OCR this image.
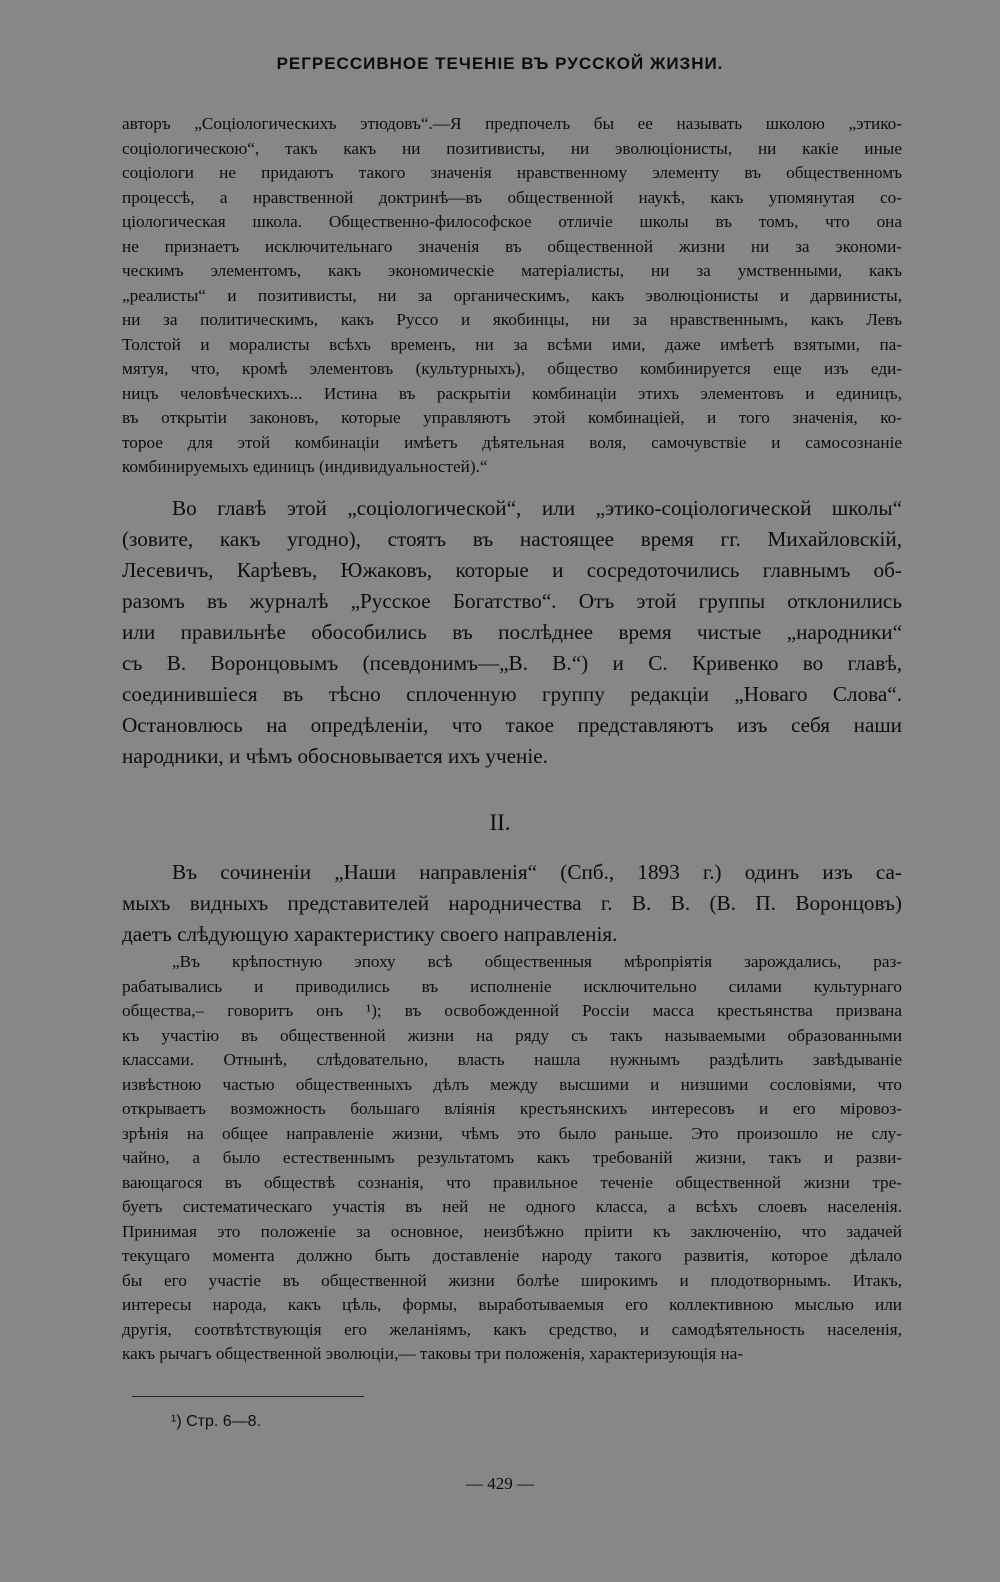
РЕГРЕССИВНОЕ ТЕЧЕНІЕ ВЪ РУССКОЙ ЖИЗНИ.
авторъ „Соціологическихъ этюдовъ“.—Я предпочелъ бы ее называть школою „этико-
соціологическою“, такъ какъ ни позитивисты, ни эволюціонисты, ни какіе иные
соціологи не придаютъ такого значенія нравственному элементу въ общественномъ
процессѣ, а нравственной доктринѣ—въ общественной наукѣ, какъ упомянутая со-
ціологическая школа. Общественно-философское отличіе школы въ томъ, что она
не признаетъ исключительнаго значенія въ общественной жизни ни за экономи-
ческимъ элементомъ, какъ экономическіе матеріалисты, ни за умственными, какъ
„реалисты“ и позитивисты, ни за органическимъ, какъ эволюціонисты и дарвинисты,
ни за политическимъ, какъ Руссо и якобинцы, ни за нравственнымъ, какъ Левъ
Толстой и моралисты всѣхъ временъ, ни за всѣми ими, даже имѣетѣ взятыми, па-
мятуя, что, кромѣ элементовъ (культурныхъ), общество комбинируется еще изъ еди-
ницъ человѣческихъ... Истина въ раскрытіи комбинаціи этихъ элементовъ и единицъ,
въ открытіи законовъ, которые управляютъ этой комбинаціей, и того значенія, ко-
торое для этой комбинаціи имѣетъ дѣятельная воля, самочувствіе и самосознаніе
комбинируемыхъ единицъ (индивидуальностей).“
Во главѣ этой „соціологической“, или „этико-соціологической школы“
(зовите, какъ угодно), стоятъ въ настоящее время гг. Михайловскій,
Лесевичъ, Карѣевъ, Южаковъ, которые и сосредоточились главнымъ об-
разомъ въ журналѣ „Русское Богатство“. Отъ этой группы отклонились
или правильнѣе обособились въ послѣднее время чистые „народники“
съ В. Воронцовымъ (псевдонимъ—„В. В.“) и С. Кривенко во главѣ,
соединившіеся въ тѣсно сплоченную группу редакціи „Новаго Слова“.
Остановлюсь на опредѣленіи, что такое представляютъ изъ себя наши
народники, и чѣмъ обосновывается ихъ ученіе.
II.
Въ сочиненіи „Наши направленія“ (Спб., 1893 г.) одинъ изъ са-
мыхъ видныхъ представителей народничества г. В. В. (В. П. Воронцовъ)
даетъ слѣдующую характеристику своего направленія.
„Въ крѣпостную эпоху всѣ общественныя мѣропріятія зарождались, раз-
рабатывались и приводились въ исполненіе исключительно силами культурнаго
общества,– говоритъ онъ ¹); въ освобожденной Россіи масса крестьянства призвана
къ участію въ общественной жизни на ряду съ такъ называемыми образованными
классами. Отнынѣ, слѣдовательно, власть нашла нужнымъ раздѣлить завѣдываніе
извѣстною частью общественныхъ дѣлъ между высшими и низшими сословіями, что
открываетъ возможность большаго вліянія крестьянскихъ интересовъ и его міровоз-
зрѣнія на общее направленіе жизни, чѣмъ это было раньше. Это произошло не слу-
чайно, а было естественнымъ результатомъ какъ требованій жизни, такъ и разви-
вающагося въ обществѣ сознанія, что правильное теченіе общественной жизни тре-
буетъ систематическаго участія въ ней не одного класса, а всѣхъ слоевъ населенія.
Принимая это положеніе за основное, неизбѣжно пріити къ заключенію, что задачей
текущаго момента должно быть доставленіе народу такого развитія, которое дѣлало
бы его участіе въ общественной жизни болѣе широкимъ и плодотворнымъ. Итакъ,
интересы народа, какъ цѣль, формы, выработываемыя его коллективною мыслью или
другія, соотвѣтствующія его желаніямъ, какъ средство, и самодѣятельность населенія,
какъ рычагъ общественной эволюціи,— таковы три положенія, характеризующія на-
¹) Стр. 6—8.
— 429 —
